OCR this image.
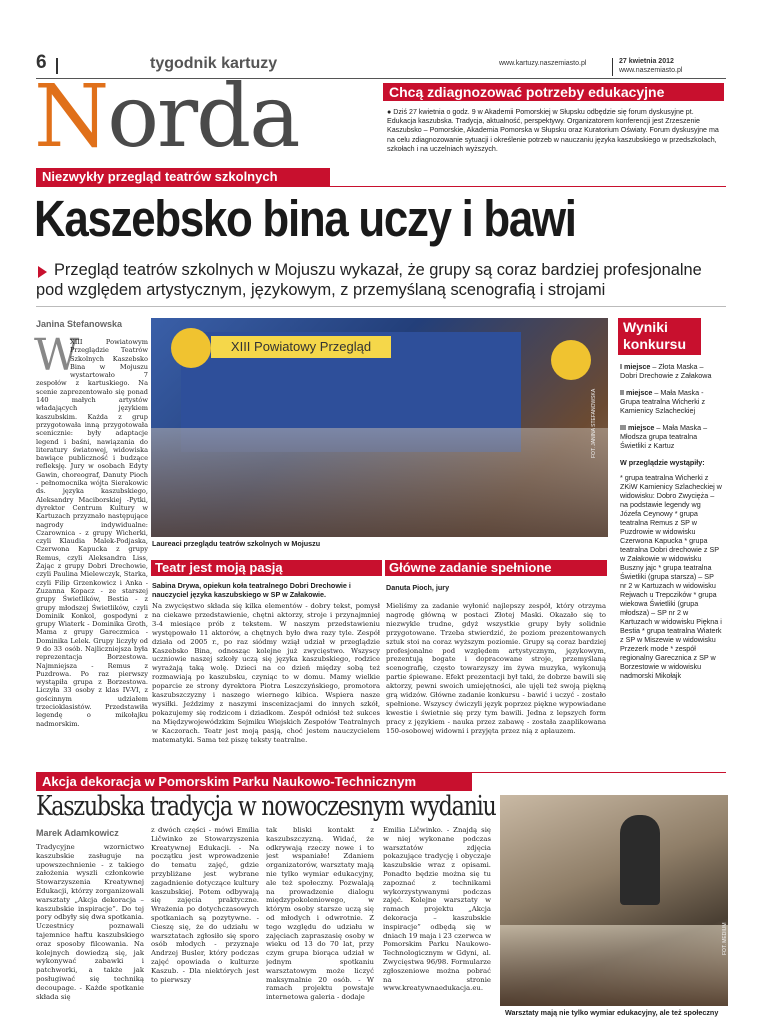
6	tygodnik kartuzy	www.kartuzy.naszemiasto.pl	27 kwietnia 2012
www.naszemiasto.pl
Norda	Chcą zdiagnozować potrzeby edukacyjne
● Dziś 27 kwietnia o godz. 9 w Akademii Pomorskiej w Słupsku odbędzie się forum dyskusyjne pt. Edukacja kaszubska. Tradycja, aktualność, perspektywy. Organizatorem konferencji jest Zrzeszenie Kaszubsko – Pomorskie, Akademia Pomorska w Słupsku oraz Kuratorium Oświaty. Forum dyskusyjne ma na celu zdiagnozowanie sytuacji i określenie potrzeb w nauczaniu języka kaszubskiego w przedszkolach, szkołach i na uczelniach wyższych.
Niezwykły przegląd teatrów szkolnych
Kaszebsko bina uczy i bawi
Przegląd teatrów szkolnych w Mojuszu wykazał, że grupy są coraz bardziej profesjonalne pod względem artystycznym, językowym, z przemyślaną scenografią i strojami
Janina Stefanowska
W
XIII Powiatowym Przeglądzie Teatrów Szkolnych Kaszebsko Bina w Mojuszu wystartowało 7 zespołów z kartuskiego. Na scenie zaprezentowało się ponad 140 małych artystów władających językiem kaszubskim. Każda z grup przygotowała inną przygotowała scenicznie: były adaptacje legend i baśni, nawiązania do literatury światowej, widowiska bawiące publiczność i budzące refleksję. Jury w osobach Edyty Gawin, choreograf, Danuty Pioch - pełnomocnika wójta Sierakowic ds. języka kaszubskiego, Aleksandry Maciborskiej -Pytki, dyrektor Centrum Kultury w Kartuzach przyznało następujące nagrody indywidualne: Czarownica - z grupy Wicherki, czyli Klaudia Malek-Podjaska, Czerwona Kapucka z grupy Remus, czyli Aleksandra Liss, Żając z grupy Dobri Drechowie, czyli Paulina Mielewczyk, Starka, czyli Filip Grzenkowicz i Anka - Zuzanna Kopacz - ze starszej grupy Świetlików, Bestia - z grupy młodszej Świetlików, czyli Dominik Konkol, gospodyni z grupy Wiaterk - Dominika Groth, Mama z grupy Gareczmica - Dominika Lelek. Grupy liczyły od 9 do 33 osób. Najliczniejsza była reprezentacja Borzestowa. Najmniejsza - Remus z Puzdrowa. Po raz pierwszy wystąpiła grupa z Borzestowa. Liczyła 33 osoby z klas IV-VI, z gościnnym udziałem trzecioklasistów. Przedstawiła legendę o mikołajku nadmorskim.
XIII Powiatowy Przegląd
FOT. JANINA STEFANOWSKA
Laureaci przeglądu teatrów szkolnych w Mojuszu
Teatr jest moją pasją
Sabina Drywa, opiekun koła teatralnego Dobri Drechowie i nauczyciel języka kaszubskiego w SP w Załakowie.
Na zwycięstwo składa się kilka elementów - dobry tekst, pomysł na ciekawe przedstawienie, chętni aktorzy, stroje i przynajmniej 3-4 miesiące prób z tekstem. W naszym przedstawieniu występowało 11 aktorów, a chętnych było dwa razy tyle. Zespół działa od 2005 r., po raz siódmy wziął udział w przeglądzie Kaszebsko Bina, odnosząc kolejne już zwycięstwo. Wszyscy uczniowie naszej szkoły uczą się języka kaszubskiego, rodzice wyrażają taką wolę. Dzieci na co dzień między sobą też rozmawiają po kaszubsku, czyniąc to w domu. Mamy wielkie poparcie ze strony dyrektora Piotra Leszczyńskiego, promotora kaszubszczyzny i naszego wiernego kibica. Wspiera nasze wysiłki. Jeździmy z naszymi inscenizacjami do innych szkół, pokazujemy się rodzicom i dziadkom. Zespół odniósł też sukces na Międzywojewódzkim Sejmiku Wiejskich Zespołów Teatralnych w Kaczorach. Teatr jest moją pasją, choć jestem nauczycielem matematyki. Sama też piszę teksty teatralne.
Główne zadanie spełnione
Danuta Pioch, jury
Mieliśmy za zadanie wyłonić najlepszy zespół, który otrzyma nagrodę główną w postaci Złotej Maski. Okazało się to niezwykle trudne, gdyż wszystkie grupy były solidnie przygotowane. Trzeba stwierdzić, że poziom prezentowanych sztuk stoi na coraz wyższym poziomie. Grupy są coraz bardziej profesjonalne pod względem artystycznym, językowym, prezentują bogate i dopracowane stroje, przemyślaną scenografię, często towarzyszy im żywa muzyka, wykonują partie śpiewane. Efekt prezentacji był taki, że dobrze bawili się aktorzy, pewni swoich umiejętności, ale ujęli też swoją piękną grą widzów. Główne zadanie konkursu - bawić i uczyć - zostało spełnione. Wszyscy ćwiczyli język poprzez piękne wypowiadane kwestie i świetnie się przy tym bawili. Jedna z lepszych form pracy z językiem - nauka przez zabawę - została zaaplikowana 150-osobowej widowni i przyjęta przez nią z aplauzem.
Wyniki
konkursu

I miejsce – Złota Maska – Dobri Drechowie z Załakowa

II miejsce – Mała Maska - Grupa teatralna Wicherki z Kamienicy Szlacheckiej

III miejsce – Mała Maska – Młodsza grupa teatralna Świetliki z Kartuz

W przeglądzie wystąpiły:

* grupa teatralna Wicherki z ZKiW Kamienicy Szlacheckiej w widowisku: Dobro Zwycięża – na podstawie legendy wg Józefa Ceynowy * grupa teatralna Remus z SP w Puzdrowie w widowisku Czerwona Kapucka * grupa teatralna Dobri drechowie z SP w Załakowie w widowisku Buszny jajc * grupa teatralna Świetliki (grupa starsza) – SP nr 2 w Kartuzach w widowisku Rejwach u Trepczików * grupa wiekowa Świetliki (grupa młodsza) – SP nr 2 w Kartuzach w widowisku Piękna i Bestia * grupa teatralna Wiaterk z SP w Miszewie w widowisku Przezerk mode * zespół regionalny Garecznica z SP w Borzestowie w widowisku nadmorski Mikołajk

Akcja dekoracja w Pomorskim Parku Naukowo-Technicznym
Kaszubska tradycja w nowoczesnym wydaniu
Marek Adamkowicz
Tradycyjne wzornictwo kaszubskie zasługuje na upowszechnienie - z takiego założenia wyszli członkowie Stowarzyszenia Kreatywnej Edukacji, którzy zorganizowali warsztaty „Akcja dekoracja – kaszubskie inspiracje”. Do tej pory odbyły się dwa spotkania. Uczestnicy poznawali tajemnice haftu kaszubskiego oraz sposoby filcowania. Na kolejnych dowiedzą się, jak wykonywać zabawki i patchworki, a także jak posługiwać się techniką decoupage. - Każde spotkanie składa się
z dwóch części - mówi Emilia Ličwinko ze Stowarzyszenia Kreatywnej Edukacji. - Na początku jest wprowadzenie do tematu zajęć, gdzie przybliżane jest wybrane zagadnienie dotyczące kultury kaszubskiej. Potem odbywają się zajęcia praktyczne. Wrażenia po dotychczasowych spotkaniach są pozytywne. - Cieszę się, że do udziału w warsztatach zgłosiło się sporo osób młodych - przyznaje Andrzej Busler, który podczas zajęć opowiada o kulturze Kaszub. - Dla niektórych jest to pierwszy
tak bliski kontakt z kaszubszczyzną. Widać, że odkrywają rzeczy nowe i to jest wspaniałe! Zdaniem organizatorów, warsztaty mają nie tylko wymiar edukacyjny, ale też społeczny. Pozwalają na prowadzenie dialogu międzypokoleniowego, w którym osoby starsze uczą się od młodych i odwrotnie. Z tego względu do udziału w zajęciach zapraszasię osoby w wieku od 13 do 70 lat, przy czym grupa biorąca udział w jednym spotkaniu warsztatowym może liczyć maksymalnie 20 osób. - W ramach projektu powstaje internetowa galeria - dodaje
Emilia Ličwinko. - Znajdą się w niej wykonane podczas warsztatów zdjęcia pokazujące tradycję i obyczaje kaszubskie wraz z opisami. Ponadto będzie można się tu zapoznać z technikami wykorzystywanymi podczas zajęć. Kolejne warsztaty w ramach projektu „Akcja dekoracja – kaszubskie inspiracje” odbędą się w dniach 19 maja i 23 czerwca w Pomorskim Parku Naukowo-Technologicznym w Gdyni, al. Zwycięstwa 96/98. Formularze zgłoszeniowe można pobrać na stronie www.kreatywnaedukacja.eu.
FOT. MEDIUM
Warsztaty mają nie tylko wymiar edukacyjny, ale też społeczny
